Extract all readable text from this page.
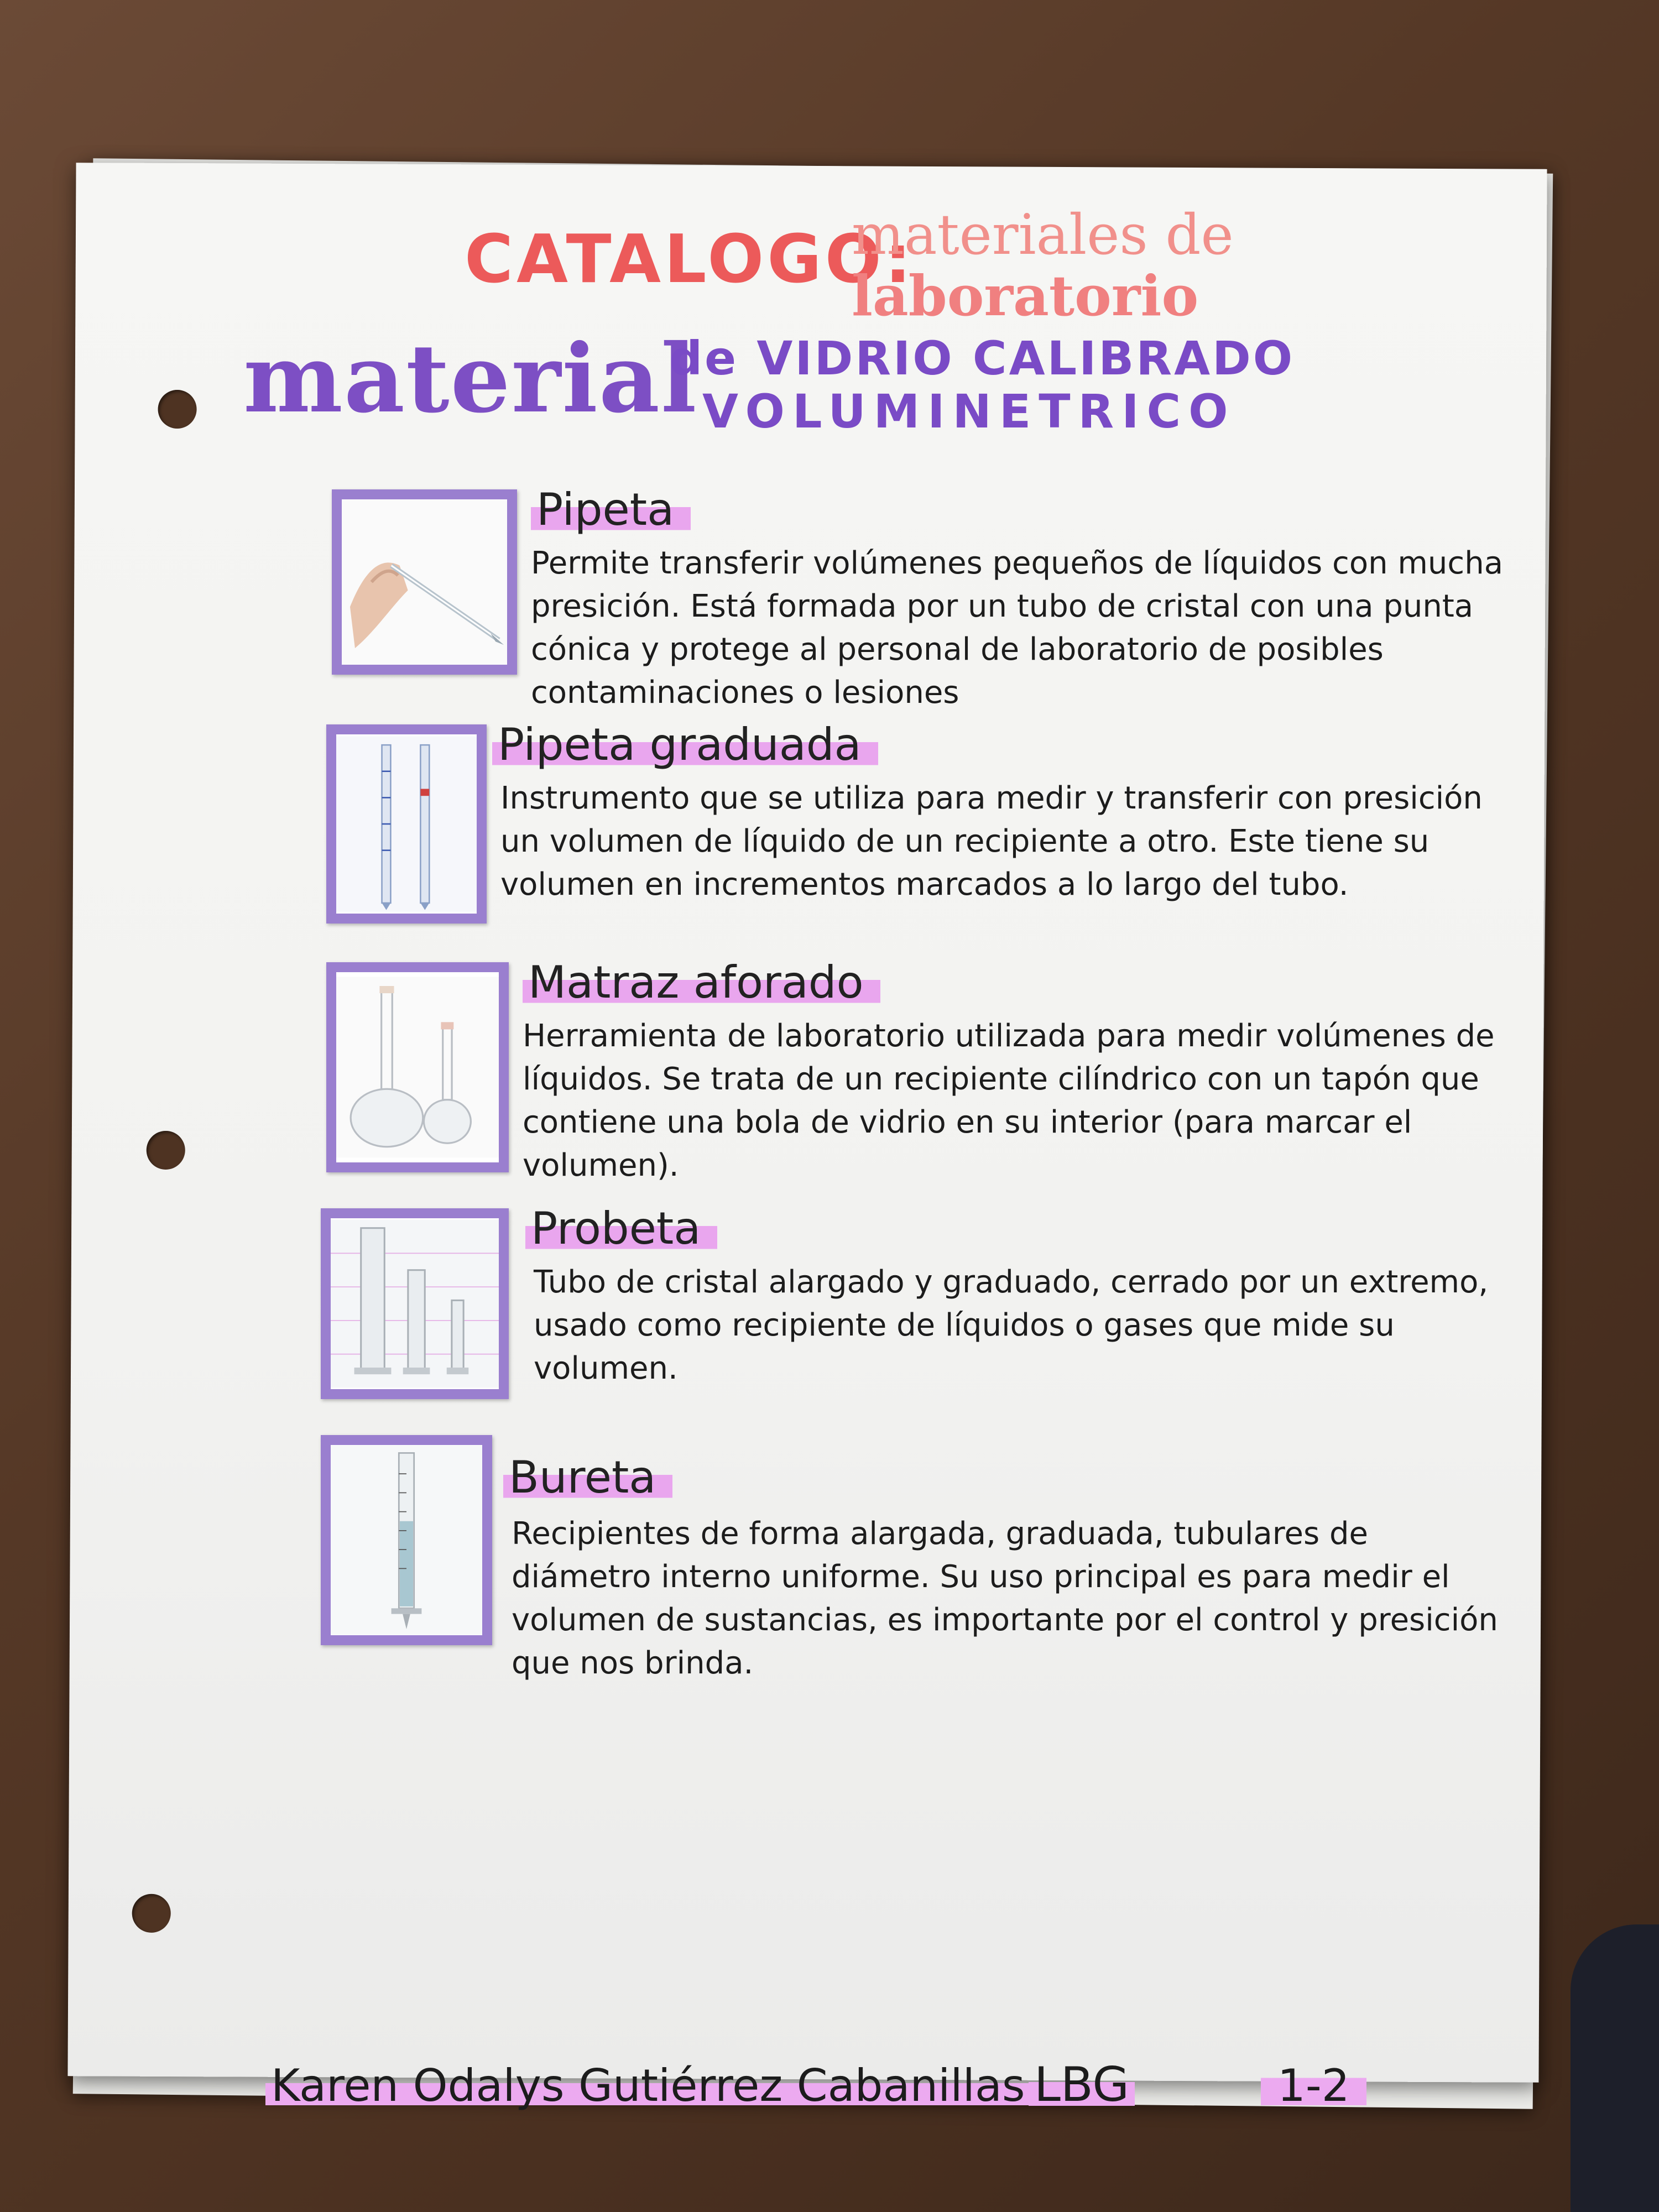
CATALOGO:
materiales de
laboratorio
material
de VIDRIO CALIBRADO
VOLUMINETRICO
Pipeta
Permite transferir volúmenes pequeños de líquidos con mucha presición. Está formada por un tubo de cristal con una punta cónica y protege al personal de laboratorio de posibles contaminaciones o lesiones
Pipeta graduada
Instrumento que se utiliza para medir y transferir con presición un volumen de líquido de un recipiente a otro. Este tiene su volumen en incrementos marcados a lo largo del tubo.
Matraz aforado
Herramienta de laboratorio utilizada para medir volúmenes de líquidos. Se trata de un recipiente cilíndrico con un tapón que contiene una bola de vidrio en su interior (para marcar el volumen).
Probeta
Tubo de cristal alargado y graduado, cerrado por un extremo, usado como recipiente de líquidos o gases que mide su volumen.
Bureta
Recipientes de forma alargada, graduada, tubulares de diámetro interno uniforme. Su uso principal es para medir el volumen de sustancias, es importante por el control y presición que nos brinda.
Karen Odalys Gutiérrez Cabanillas LBG	1-2
